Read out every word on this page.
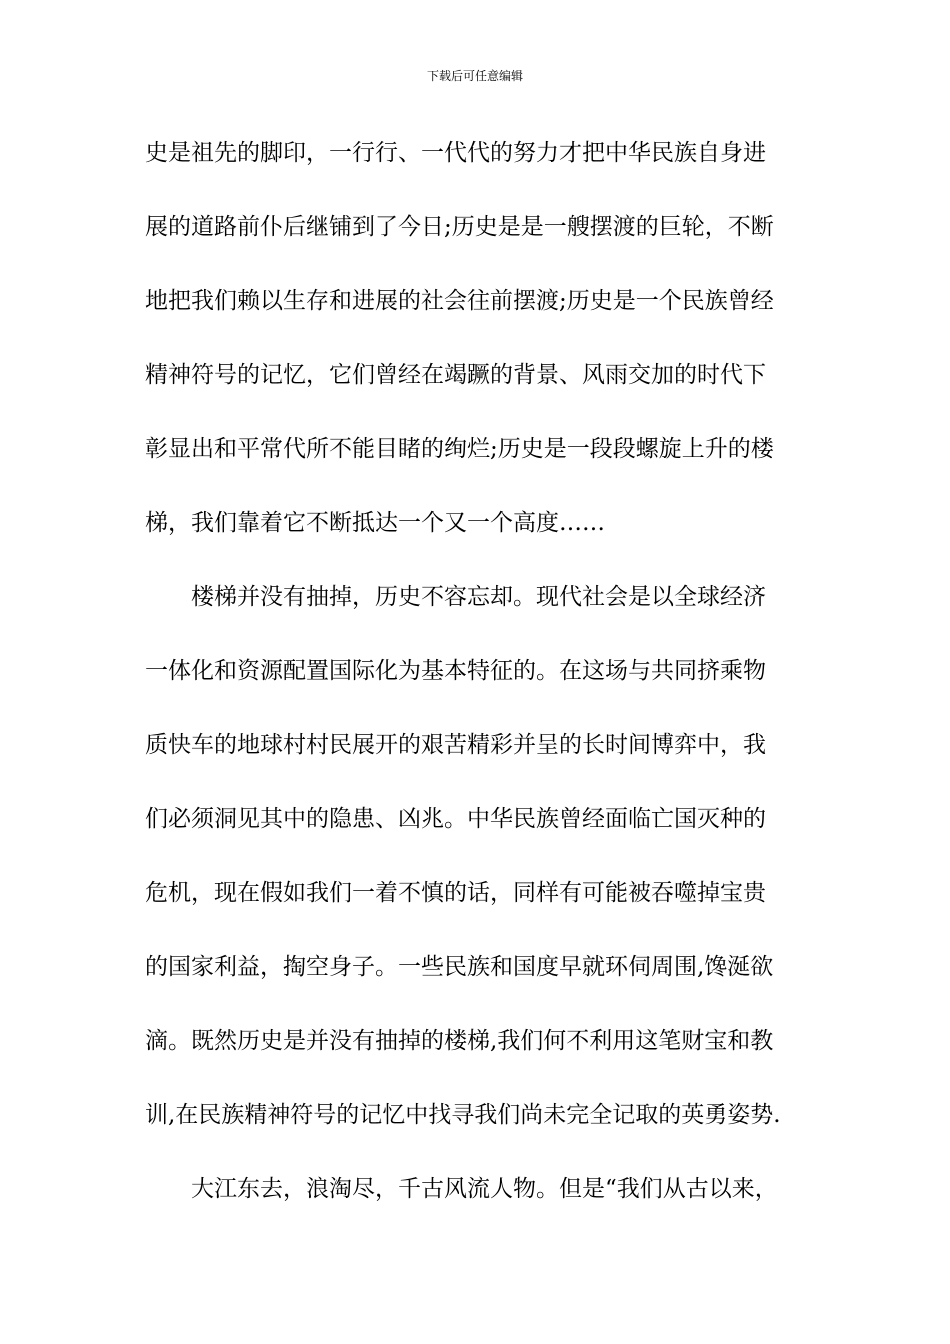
下载后可任意编辑
史是祖先的脚印，一行行、一代代的努力才把中华民族自身进
展的道路前仆后继铺到了今日;历史是是一艘摆渡的巨轮，不断
地把我们赖以生存和进展的社会往前摆渡;历史是一个民族曾经
精神符号的记忆，它们曾经在竭蹶的背景、风雨交加的时代下
彰显出和平常代所不能目睹的绚烂;历史是一段段螺旋上升的楼
梯，我们靠着它不断抵达一个又一个高度……
楼梯并没有抽掉，历史不容忘却。现代社会是以全球经济
一体化和资源配置国际化为基本特征的。在这场与共同挤乘物
质快车的地球村村民展开的艰苦精彩并呈的长时间博弈中，我
们必须洞见其中的隐患、凶兆。中华民族曾经面临亡国灭种的
危机，现在假如我们一着不慎的话，同样有可能被吞噬掉宝贵
的国家利益，掏空身子。一些民族和国度早就环伺周围,馋涎欲
滴。既然历史是并没有抽掉的楼梯,我们何不利用这笔财宝和教
训,在民族精神符号的记忆中找寻我们尚未完全记取的英勇姿势.
大江东去，浪淘尽，千古风流人物。但是“我们从古以来，
